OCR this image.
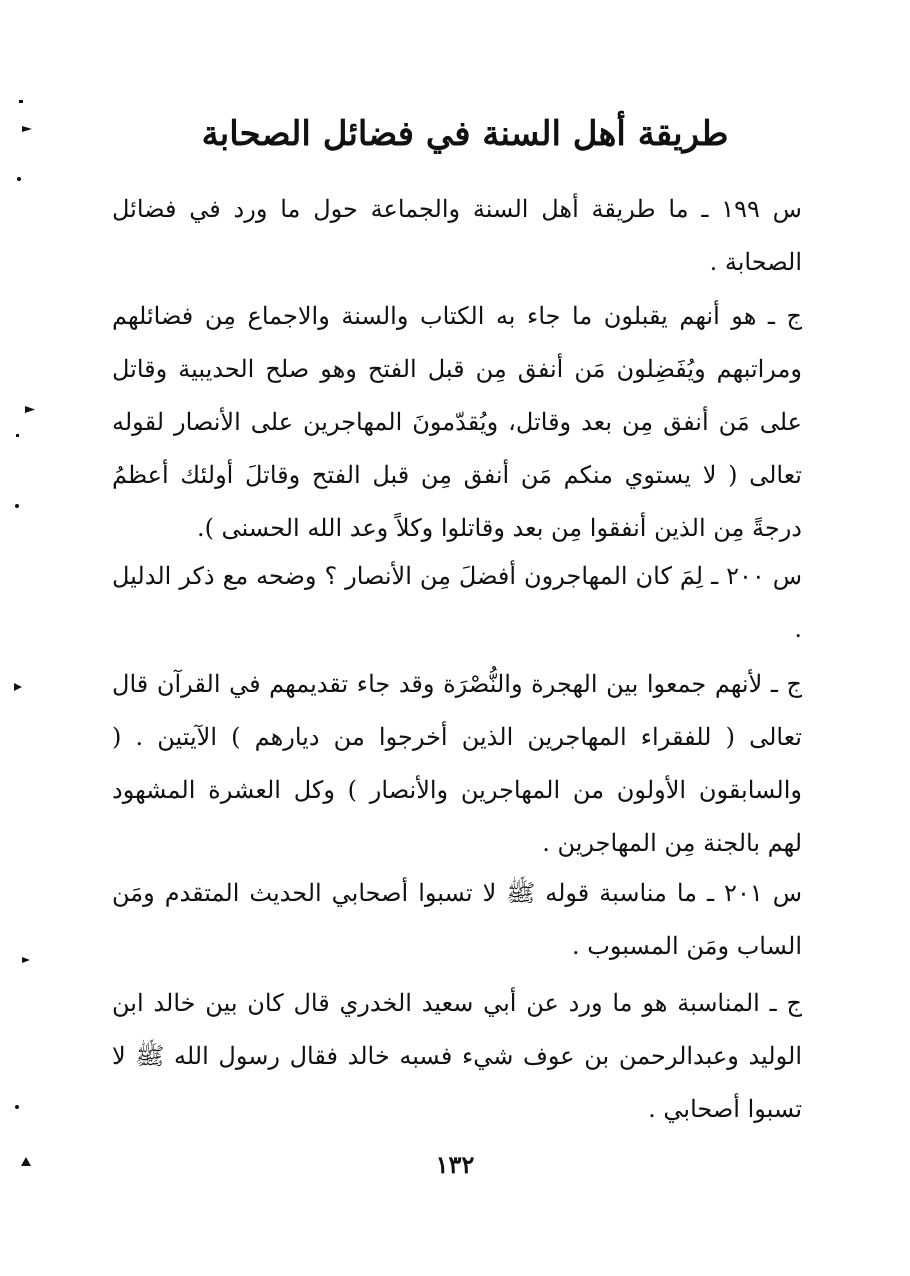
طريقة أهل السنة في فضائل الصحابة

س ١٩٩ ـ ما طريقة أهل السنة والجماعة حول ما ورد في فضائل الصحابة .

ج ـ هو أنهم يقبلون ما جاء به الكتاب والسنة والاجماع مِن فضائلهم ومراتبهم ويُفَضِلون مَن أنفق مِن قبل الفتح وهو صلح الحديبية وقاتل على مَن أنفق مِن بعد وقاتل، ويُقدّمونَ المهاجرين على الأنصار لقوله تعالى ( لا يستوي منكم مَن أنفق مِن قبل الفتح وقاتلَ أولئك أعظمُ درجةً مِن الذين أنفقوا مِن بعد وقاتلوا وكلاً وعد الله الحسنى ).

س ٢٠٠ ـ لِمَ كان المهاجرون أفضلَ مِن الأنصار ؟ وضحه مع ذكر الدليل .

ج ـ لأنهم جمعوا بين الهجرة والنُّصْرَة وقد جاء تقديمهم في القرآن قال تعالى ( للفقراء المهاجرين الذين أخرجوا من ديارهم ) الآيتين . ( والسابقون الأولون من المهاجرين والأنصار ) وكل العشرة المشهود لهم بالجنة مِن المهاجرين .

س ٢٠١ ـ ما مناسبة قوله ﷺ لا تسبوا أصحابي الحديث المتقدم ومَن الساب ومَن المسبوب .

ج ـ المناسبة هو ما ورد عن أبي سعيد الخدري قال كان بين خالد ابن الوليد وعبدالرحمن بن عوف شيء فسبه خالد فقال رسول الله ﷺ لا تسبوا أصحابي .

١٣٢
